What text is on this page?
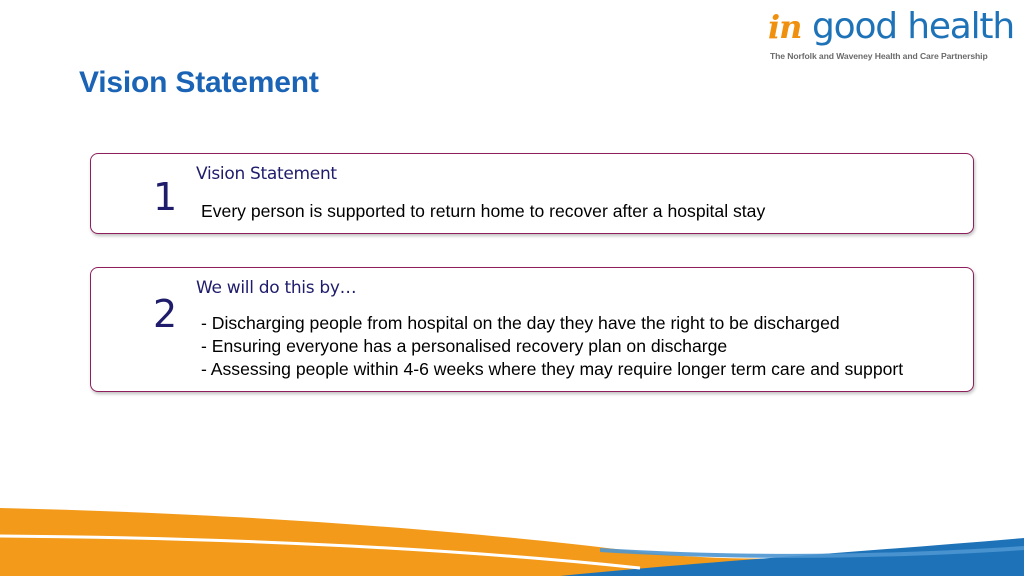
in good health
The Norfolk and Waveney Health and Care Partnership
Vision Statement
1
Vision Statement
Every person is supported to return home to recover after a hospital stay
2
We will do this by…
- Discharging people from hospital on the day they have the right to be discharged
- Ensuring everyone has a personalised recovery plan on discharge
- Assessing people within 4-6 weeks where they may require longer term care and support
